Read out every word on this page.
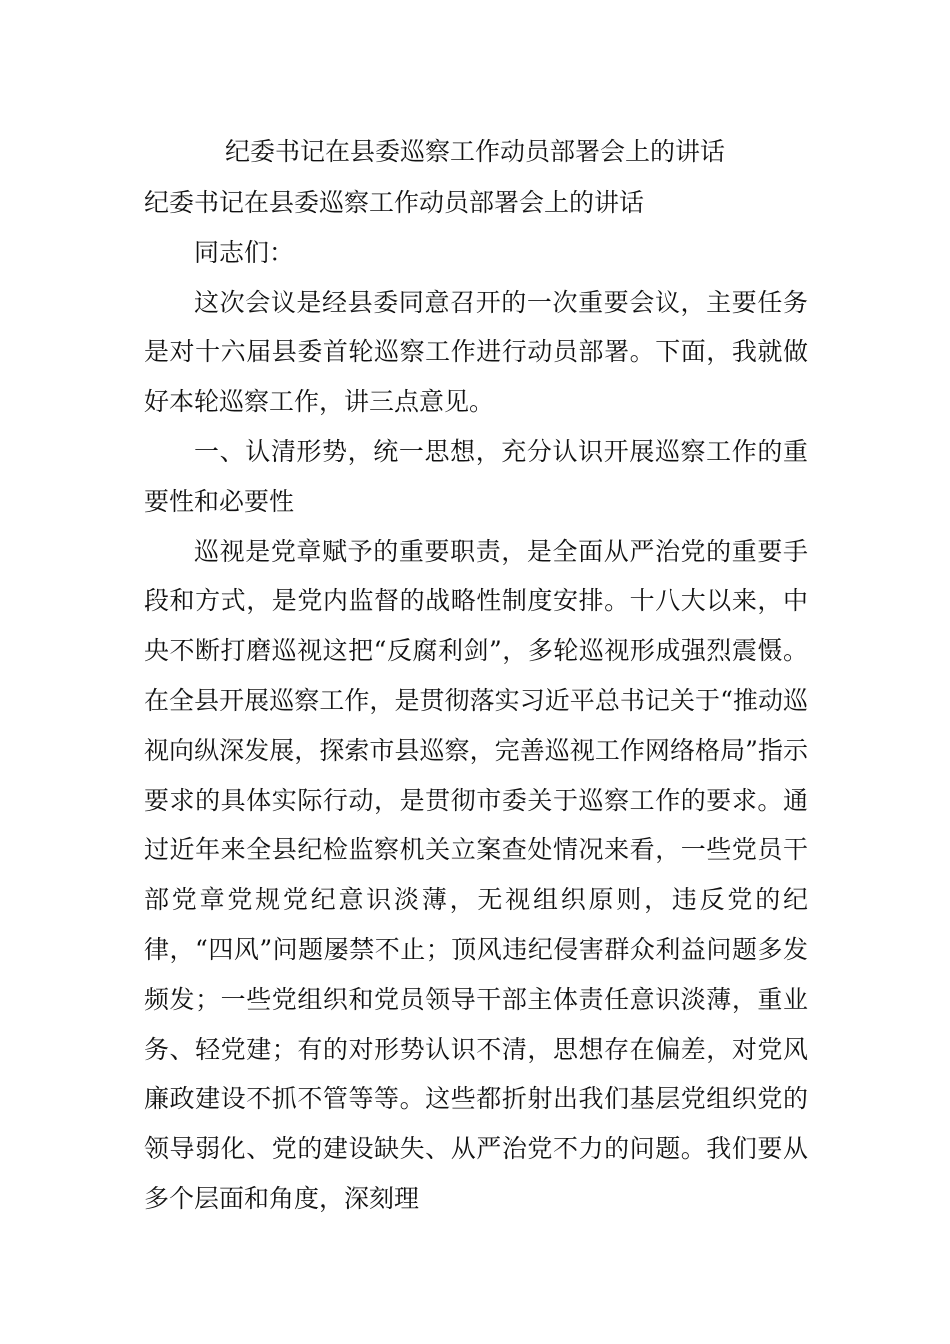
纪委书记在县委巡察工作动员部署会上的讲话

纪委书记在县委巡察工作动员部署会上的讲话

同志们：

这次会议是经县委同意召开的一次重要会议，主要任务是对十六届县委首轮巡察工作进行动员部署。下面，我就做好本轮巡察工作，讲三点意见。

一、认清形势，统一思想，充分认识开展巡察工作的重要性和必要性

巡视是党章赋予的重要职责，是全面从严治党的重要手段和方式，是党内监督的战略性制度安排。十八大以来，中央不断打磨巡视这把“反腐利剑”，多轮巡视形成强烈震慑。在全县开展巡察工作，是贯彻落实习近平总书记关于“推动巡视向纵深发展，探索市县巡察，完善巡视工作网络格局”指示要求的具体实际行动，是贯彻市委关于巡察工作的要求。通过近年来全县纪检监察机关立案查处情况来看，一些党员干部党章党规党纪意识淡薄，无视组织原则，违反党的纪律，“四风”问题屡禁不止；顶风违纪侵害群众利益问题多发频发；一些党组织和党员领导干部主体责任意识淡薄，重业务、轻党建；有的对形势认识不清，思想存在偏差，对党风廉政建设不抓不管等等。这些都折射出我们基层党组织党的领导弱化、党的建设缺失、从严治党不力的问题。我们要从多个层面和角度，深刻理
